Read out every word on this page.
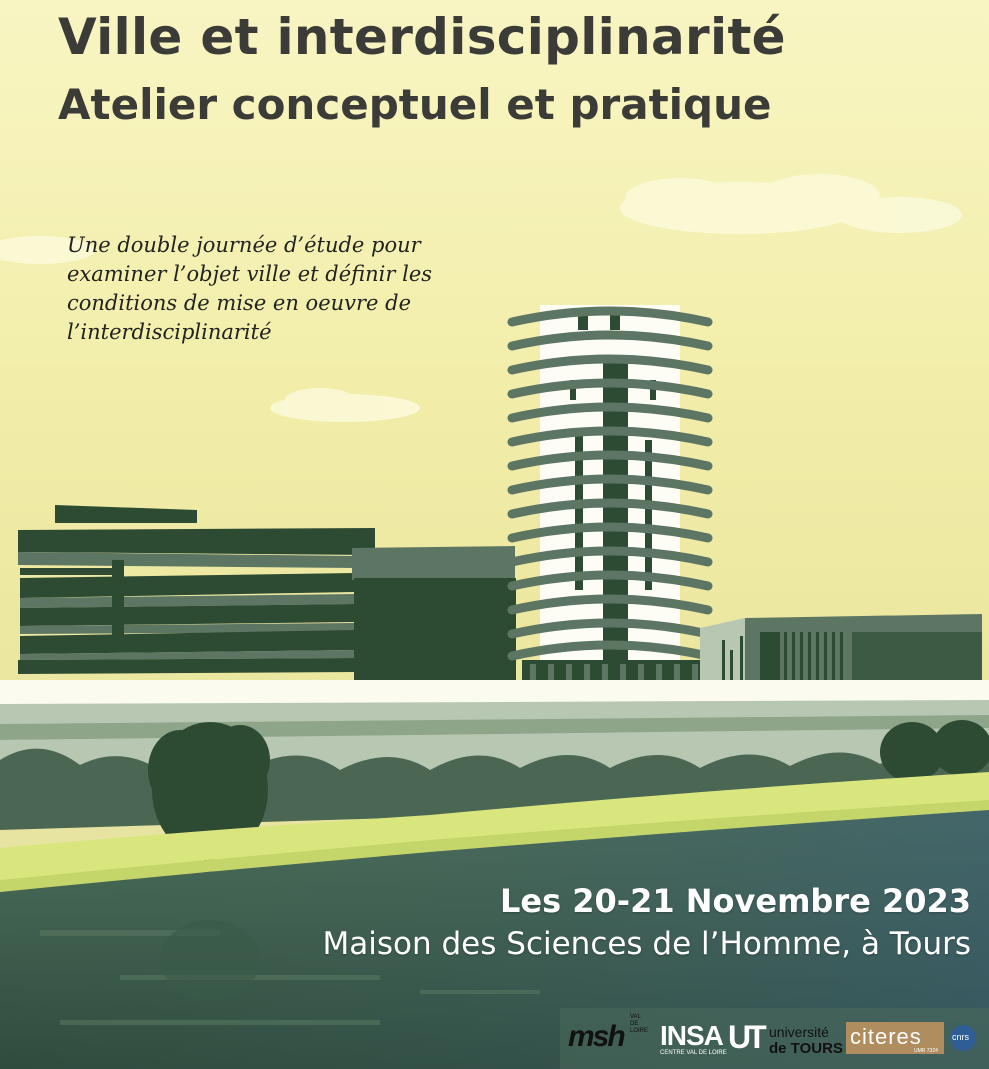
Ville et interdisciplinarité
Atelier conceptuel et pratique

Une double journée d’étude pour
examiner l’objet ville et définir les
conditions de mise en oeuvre de
l’interdisciplinarité

Les 20-21 Novembre 2023

Maison des Sciences de l’Homme, à Tours

msh
VAL DE LOIRE INSA
CENTRE VAL DE LOIRE UT université
de TOURS citeres
UMR 7324
cnrs
